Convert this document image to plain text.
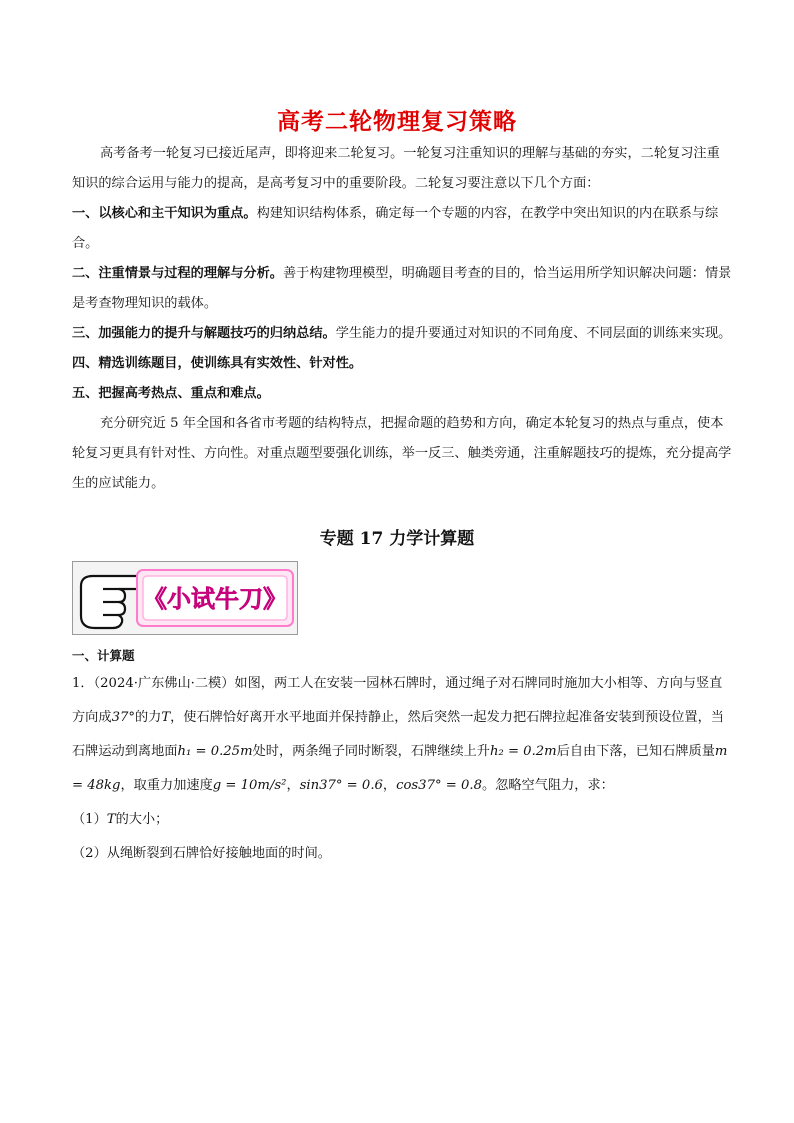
高考二轮物理复习策略

高考备考一轮复习已接近尾声，即将迎来二轮复习。一轮复习注重知识的理解与基础的夯实，二轮复习注重知识的综合运用与能力的提高，是高考复习中的重要阶段。二轮复习要注意以下几个方面：

一、以核心和主干知识为重点。构建知识结构体系，确定每一个专题的内容，在教学中突出知识的内在联系与综合。

二、注重情景与过程的理解与分析。善于构建物理模型，明确题目考查的目的，恰当运用所学知识解决问题：情景是考查物理知识的载体。

三、加强能力的提升与解题技巧的归纳总结。学生能力的提升要通过对知识的不同角度、不同层面的训练来实现。

四、精选训练题目，使训练具有实效性、针对性。

五、把握高考热点、重点和难点。

充分研究近 5 年全国和各省市考题的结构特点，把握命题的趋势和方向，确定本轮复习的热点与重点，使本轮复习更具有针对性、方向性。对重点题型要强化训练，举一反三、触类旁通，注重解题技巧的提炼，充分提高学生的应试能力。

专题 17 力学计算题
《小试牛刀》
一、计算题

1．（2024·广东佛山·二模）如图，两工人在安装一园林石牌时，通过绳子对石牌同时施加大小相等、方向与竖直方向成37°的力T，使石牌恰好离开水平地面并保持静止，然后突然一起发力把石牌拉起准备安装到预设位置，当石牌运动到离地面h₁ = 0.25m处时，两条绳子同时断裂，石牌继续上升h₂ = 0.2m后自由下落，已知石牌质量m = 48kg，取重力加速度g = 10m/s²，sin37° = 0.6，cos37° = 0.8。忽略空气阻力，求：

（1）T的大小；

（2）从绳断裂到石牌恰好接触地面的时间。
